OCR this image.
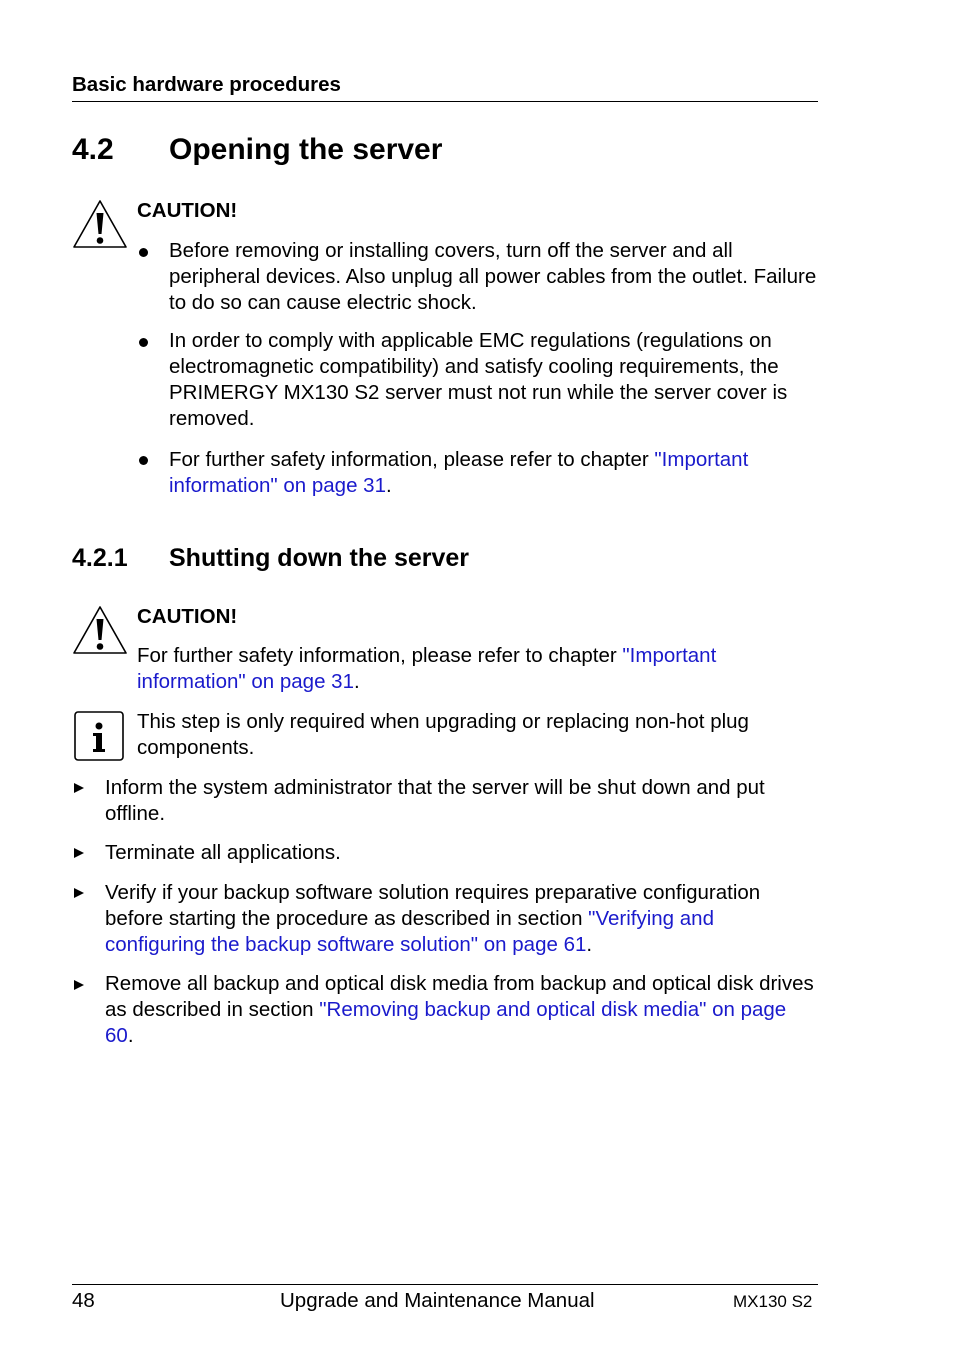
Basic hardware procedures
4.2 Opening the server
CAUTION!
Before removing or installing covers, turn off the server and all peripheral devices. Also unplug all power cables from the outlet. Failure to do so can cause electric shock.
In order to comply with applicable EMC regulations (regulations on electromagnetic compatibility) and satisfy cooling requirements, the PRIMERGY MX130 S2 server must not run while the server cover is removed.
For further safety information, please refer to chapter "Important information" on page 31.
4.2.1 Shutting down the server
CAUTION!
For further safety information, please refer to chapter "Important information" on page 31.
This step is only required when upgrading or replacing non-hot plug components.
Inform the system administrator that the server will be shut down and put offline.
Terminate all applications.
Verify if your backup software solution requires preparative configuration before starting the procedure as described in section "Verifying and configuring the backup software solution" on page 61.
Remove all backup and optical disk media from backup and optical disk drives as described in section "Removing backup and optical disk media" on page 60.
48	Upgrade and Maintenance Manual	MX130 S2
